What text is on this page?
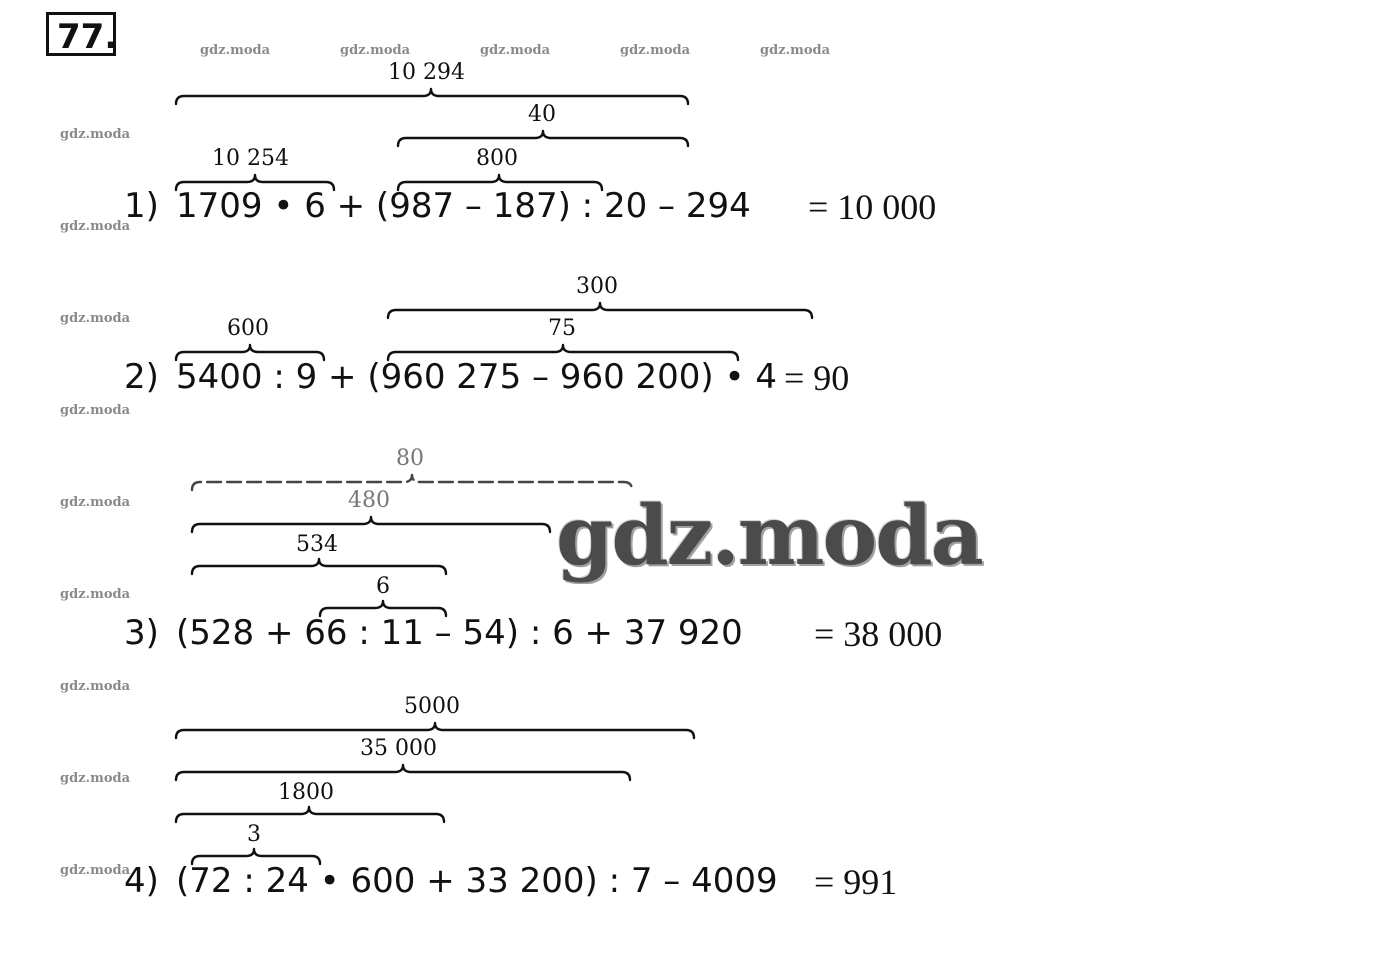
77.	gdz.moda	gdz.moda	gdz.moda	gdz.moda	gdz.moda
gdz.moda
gdz.moda
gdz.moda
gdz.moda
gdz.moda
gdz.moda
gdz.moda
gdz.moda
gdz.moda
10 294
40
10 254	800
1) 1709 • 6 + (987 – 187) : 20 – 294 = 10 000
300
600	75
2) 5400 : 9 + (960 275 – 960 200) • 4 = 90
80
480
534
6
3) (528 + 66 : 11 – 54) : 6 + 37 920 = 38 000
5000
35 000
1800
3
4) (72 : 24 • 600 + 33 200) : 7 – 4009 = 991
gdz.moda
